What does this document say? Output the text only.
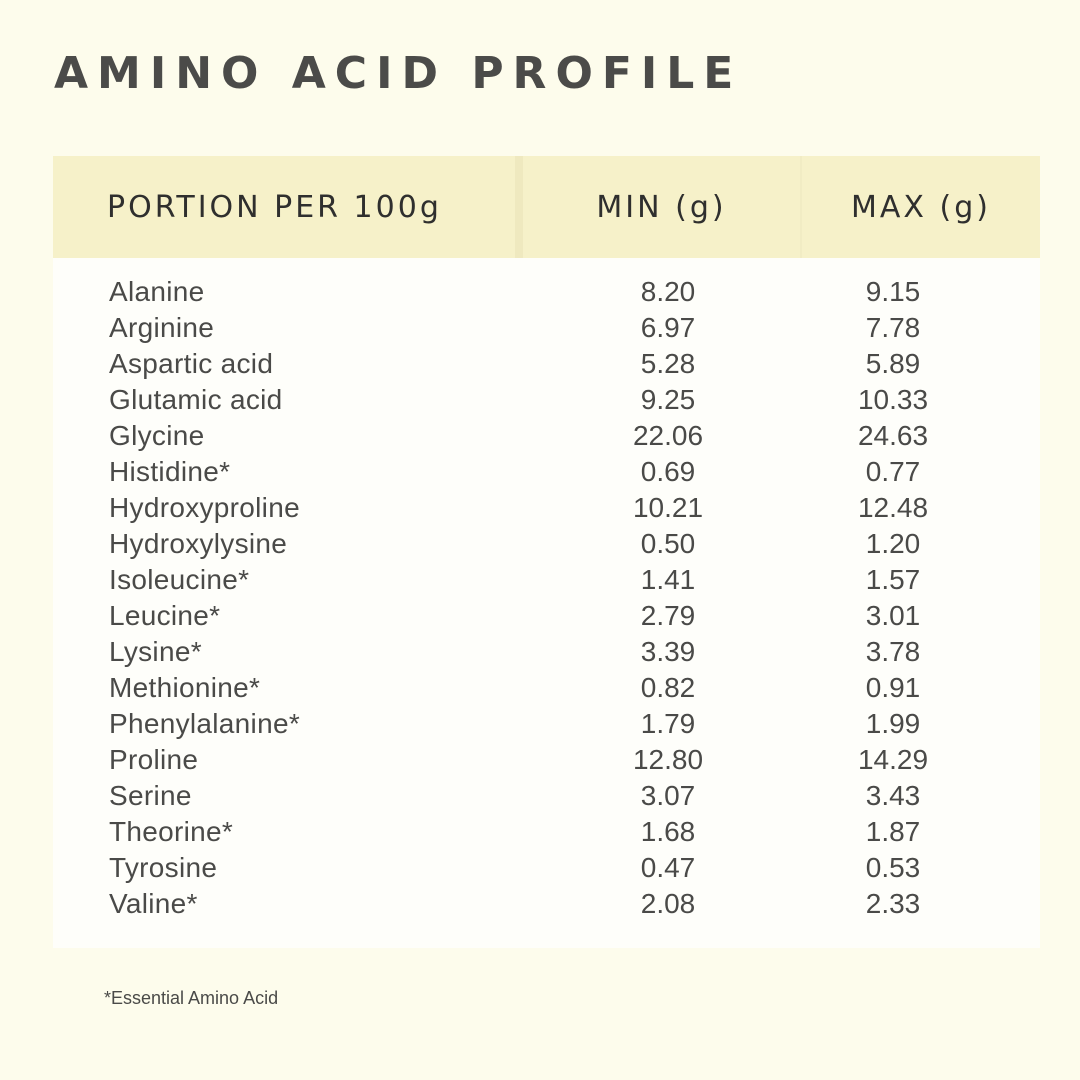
AMINO ACID PROFILE
PORTION PER 100g	MIN (g)	MAX (g)
Alanine	8.20	9.15
Arginine	6.97	7.78
Aspartic acid	5.28	5.89
Glutamic acid	9.25	10.33
Glycine	22.06	24.63
Histidine*	0.69	0.77
Hydroxyproline	10.21	12.48
Hydroxylysine	0.50	1.20
Isoleucine*	1.41	1.57
Leucine*	2.79	3.01
Lysine*	3.39	3.78
Methionine*	0.82	0.91
Phenylalanine*	1.79	1.99
Proline	12.80	14.29
Serine	3.07	3.43
Theorine*	1.68	1.87
Tyrosine	0.47	0.53
Valine*	2.08	2.33
*Essential Amino Acid
